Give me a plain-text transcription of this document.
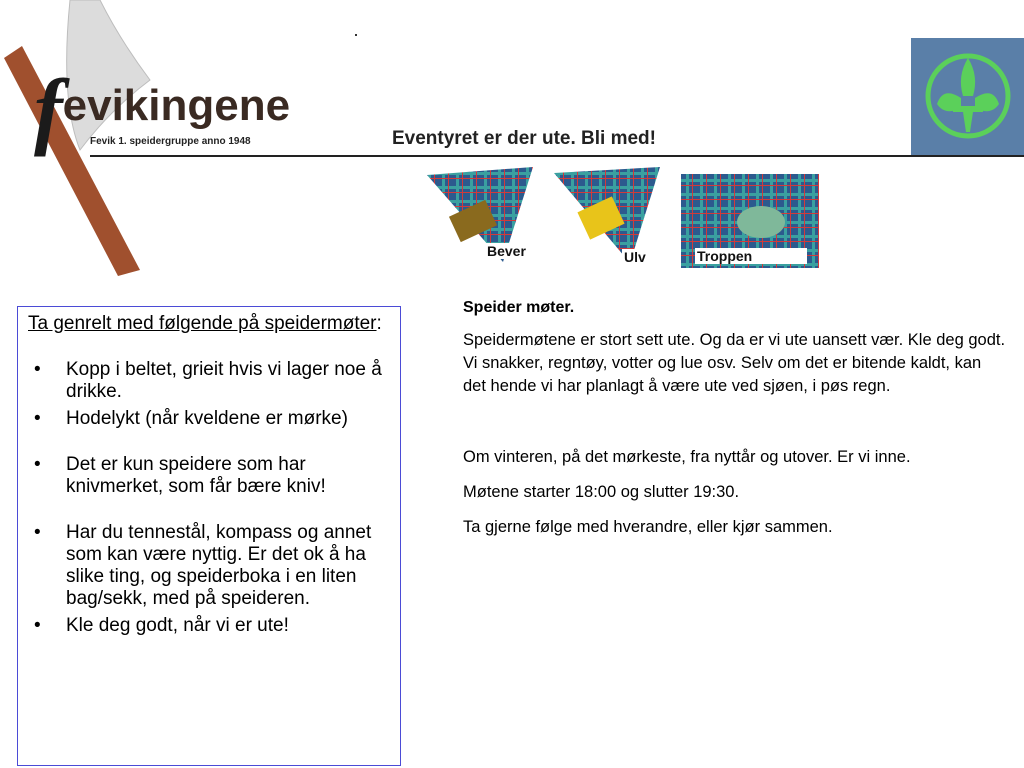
fevikingene
Fevik 1. speidergruppe anno 1948	Eventyret er der ute. Bli med!
Bever	Ulv	Troppen
Ta genrelt med følgende på speidermøter:
• Kopp i beltet, grieit hvis vi lager noe å drikke.
• Hodelykt (når kveldene er mørke)
• Det er kun speidere som har knivmerket, som får bære kniv!
• Har du tennestål, kompass og annet som kan være nyttig. Er det ok å ha slike ting, og speiderboka i en liten bag/sekk, med på speideren.
• Kle deg godt, når vi er ute!

Speider møter.

Speidermøtene er stort sett ute. Og da er vi ute uansett vær. Kle deg godt. Vi snakker, regntøy, votter og lue osv. Selv om det er bitende kaldt, kan det hende vi har planlagt å være ute ved sjøen, i pøs regn.

Om vinteren, på det mørkeste, fra nyttår og utover. Er vi inne.

Møtene starter 18:00 og slutter 19:30.

Ta gjerne følge med hverandre, eller kjør sammen.
